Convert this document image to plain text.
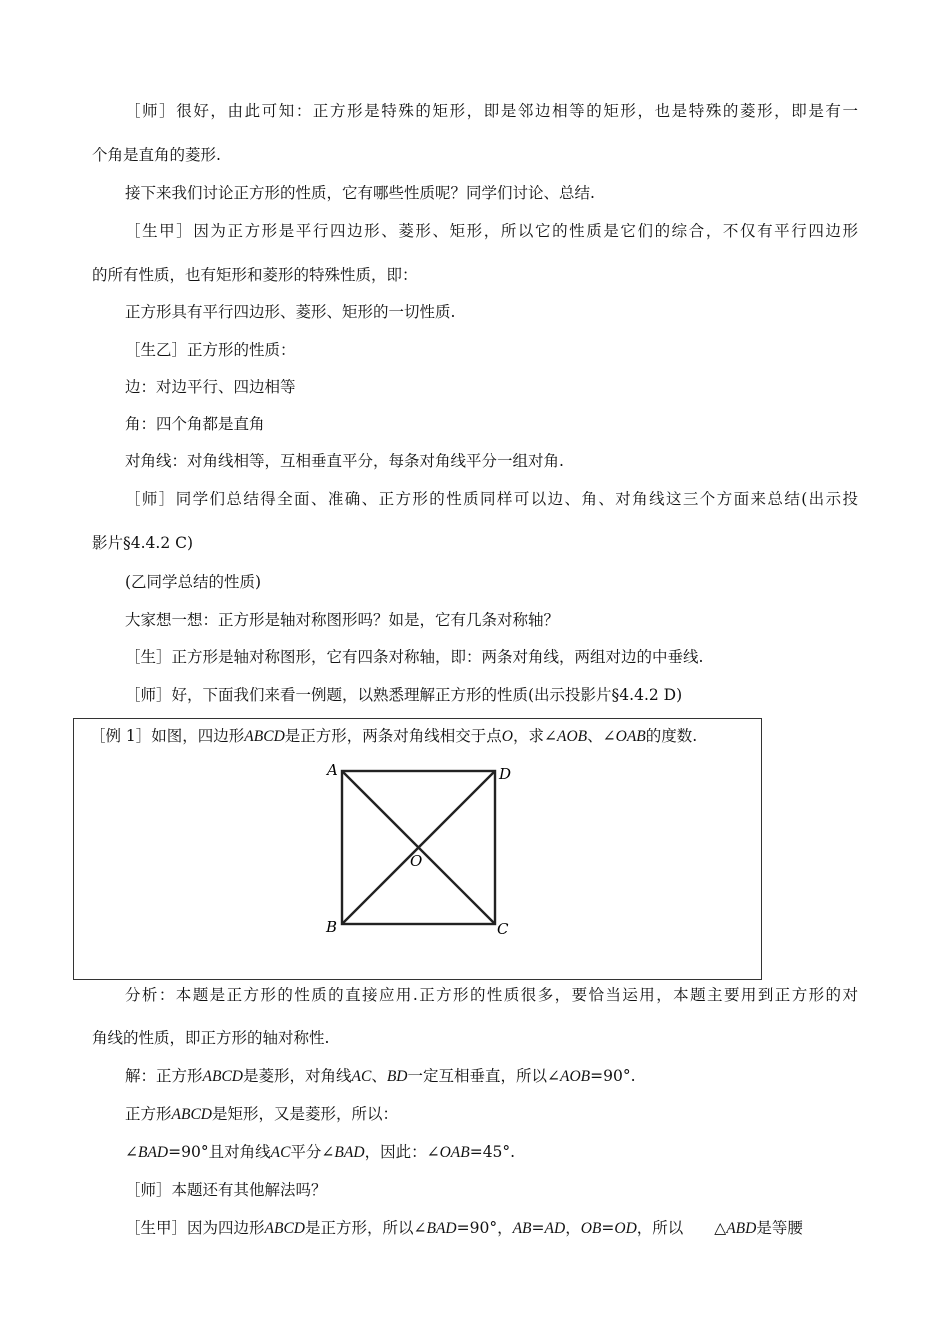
［师］很好，由此可知：正方形是特殊的矩形，即是邻边相等的矩形，也是特殊的菱形，即是有一
个角是直角的菱形.
接下来我们讨论正方形的性质，它有哪些性质呢？同学们讨论、总结.
［生甲］因为正方形是平行四边形、菱形、矩形，所以它的性质是它们的综合，不仅有平行四边形
的所有性质，也有矩形和菱形的特殊性质，即：
正方形具有平行四边形、菱形、矩形的一切性质.
［生乙］正方形的性质：
边：对边平行、四边相等
角：四个角都是直角
对角线：对角线相等，互相垂直平分，每条对角线平分一组对角.
［师］同学们总结得全面、准确、正方形的性质同样可以边、角、对角线这三个方面来总结(出示投
影片§4.4.2 C)
(乙同学总结的性质)
大家想一想：正方形是轴对称图形吗？如是，它有几条对称轴？
［生］正方形是轴对称图形，它有四条对称轴，即：两条对角线，两组对边的中垂线.
［师］好，下面我们来看一例题，以熟悉理解正方形的性质(出示投影片§4.4.2 D)
［例 1］如图，四边形ABCD是正方形，两条对角线相交于点O，求∠AOB、∠OAB的度数.
A	D
B	C
O
分析：本题是正方形的性质的直接应用.正方形的性质很多，要恰当运用，本题主要用到正方形的对
角线的性质，即正方形的轴对称性.
解：正方形ABCD是菱形，对角线AC、BD一定互相垂直，所以∠AOB=90°.
正方形ABCD是矩形，又是菱形，所以：
∠BAD=90°且对角线AC平分∠BAD，因此：∠OAB=45°.
［师］本题还有其他解法吗？
［生甲］因为四边形ABCD是正方形，所以∠BAD=90°，AB=AD，OB=OD，所以　　△ABD是等腰
